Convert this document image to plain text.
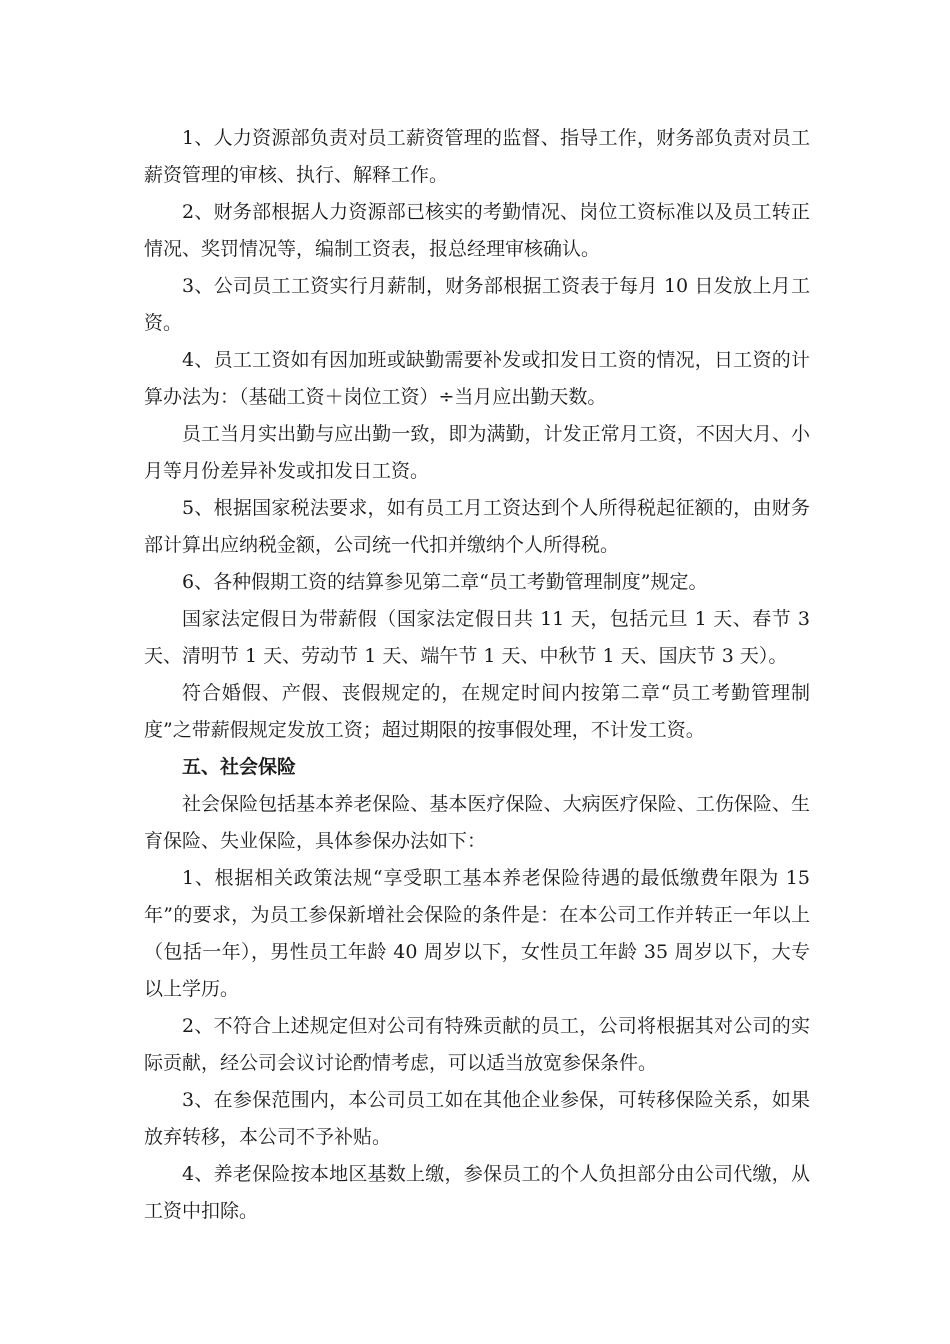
1、人力资源部负责对员工薪资管理的监督、指导工作，财务部负责对员工薪资管理的审核、执行、解释工作。

2、财务部根据人力资源部已核实的考勤情况、岗位工资标准以及员工转正情况、奖罚情况等，编制工资表，报总经理审核确认。

3、公司员工工资实行月薪制，财务部根据工资表于每月 10 日发放上月工资。

4、员工工资如有因加班或缺勤需要补发或扣发日工资的情况，日工资的计算办法为：（基础工资＋岗位工资）÷当月应出勤天数。

员工当月实出勤与应出勤一致，即为满勤，计发正常月工资，不因大月、小月等月份差异补发或扣发日工资。

5、根据国家税法要求，如有员工月工资达到个人所得税起征额的，由财务部计算出应纳税金额，公司统一代扣并缴纳个人所得税。

6、各种假期工资的结算参见第二章“员工考勤管理制度”规定。

国家法定假日为带薪假（国家法定假日共 11 天，包括元旦 1 天、春节 3 天、清明节 1 天、劳动节 1 天、端午节 1 天、中秋节 1 天、国庆节 3 天）。

符合婚假、产假、丧假规定的，在规定时间内按第二章“员工考勤管理制度”之带薪假规定发放工资；超过期限的按事假处理，不计发工资。

五、社会保险

社会保险包括基本养老保险、基本医疗保险、大病医疗保险、工伤保险、生育保险、失业保险，具体参保办法如下：

1、根据相关政策法规“享受职工基本养老保险待遇的最低缴费年限为 15 年”的要求，为员工参保新增社会保险的条件是：在本公司工作并转正一年以上（包括一年），男性员工年龄 40 周岁以下，女性员工年龄 35 周岁以下，大专以上学历。

2、不符合上述规定但对公司有特殊贡献的员工，公司将根据其对公司的实际贡献，经公司会议讨论酌情考虑，可以适当放宽参保条件。

3、在参保范围内，本公司员工如在其他企业参保，可转移保险关系，如果放弃转移，本公司不予补贴。

4、养老保险按本地区基数上缴，参保员工的个人负担部分由公司代缴，从工资中扣除。
